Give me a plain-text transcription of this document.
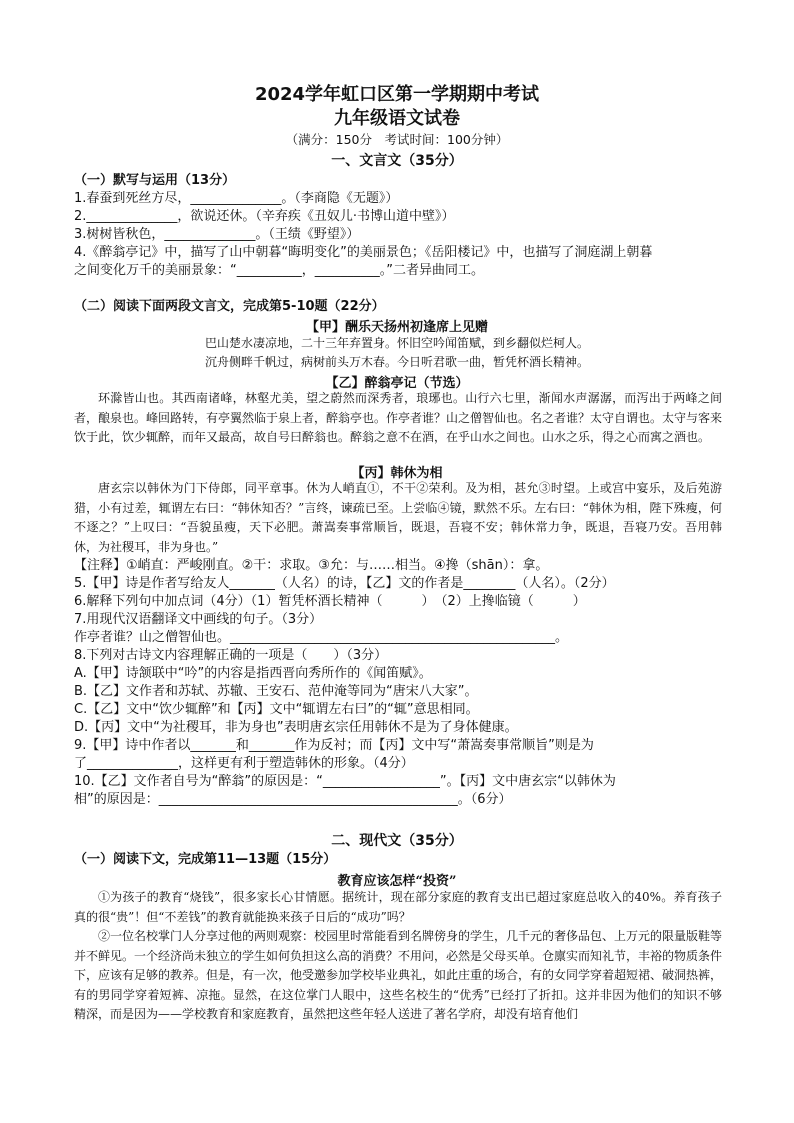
2024学年虹口区第一学期期中考试
九年级语文试卷
（满分：150分　考试时间：100分钟）
一、文言文（35分）
（一）默写与运用（13分）
1.春蚕到死丝方尽，______________。（李商隐《无题》）
2.______________，欲说还休。（辛弃疾《丑奴儿·书博山道中壁》）
3.树树皆秋色，______________。（王绩《野望》）
4.《醉翁亭记》中，描写了山中朝暮“晦明变化”的美丽景色；《岳阳楼记》中，也描写了洞庭湖上朝暮
之间变化万千的美丽景象：“__________，__________。”二者异曲同工。
（二）阅读下面两段文言文，完成第5-10题（22分）
【甲】酬乐天扬州初逢席上见赠
巴山楚水凄凉地，二十三年弃置身。怀旧空吟闻笛赋，到乡翻似烂柯人。
沉舟侧畔千帆过，病树前头万木春。今日听君歌一曲，暂凭杯酒长精神。
【乙】醉翁亭记（节选）
环滁皆山也。其西南诸峰，林壑尤美，望之蔚然而深秀者，琅琊也。山行六七里，渐闻水声潺潺，而泻出于两峰之间者，酿泉也。峰回路转，有亭翼然临于泉上者，醉翁亭也。作亭者谁？山之僧智仙也。名之者谁？太守自谓也。太守与客来饮于此，饮少辄醉，而年又最高，故自号曰醉翁也。醉翁之意不在酒，在乎山水之间也。山水之乐，得之心而寓之酒也。
【丙】韩休为相
唐玄宗以韩休为门下侍郎，同平章事。休为人峭直①，不干②荣利。及为相，甚允③时望。上或宫中宴乐，及后苑游猎，小有过差，辄谓左右曰：“韩休知否？”言终，谏疏已至。上尝临④镜，默然不乐。左右曰：“韩休为相，陛下殊瘦，何不逐之？”上叹曰：“吾貌虽瘦，天下必肥。萧嵩奏事常顺旨，既退，吾寝不安；韩休常力争，既退，吾寝乃安。吾用韩休，为社稷耳，非为身也。”
【注释】①峭直：严峻刚直。②干：求取。③允：与……相当。④搀（shān）：拿。
5.【甲】诗是作者写给友人_______（人名）的诗，【乙】文的作者是________（人名）。（2分）
6.解释下列句中加点词（4分）（1）暂凭杯酒长精神（　　　）　（2）上搀临镜（　　　）
7.用现代汉语翻译文中画线的句子。（3分）
作亭者谁？山之僧智仙也。__________________________________________________。
8.下列对古诗文内容理解正确的一项是（　　）（3分）
A.【甲】诗颔联中“吟”的内容是指西晋向秀所作的《闻笛赋》。
B.【乙】文作者和苏轼、苏辙、王安石、范仲淹等同为“唐宋八大家”。
C.【乙】文中“饮少辄醉”和【丙】文中“辄谓左右曰”的“辄”意思相同。
D.【丙】文中“为社稷耳，非为身也”表明唐玄宗任用韩休不是为了身体健康。
9.【甲】诗中作者以_______和_______作为反衬；而【丙】文中写“萧嵩奏事常顺旨”则是为
了______________，这样更有利于塑造韩休的形象。（4分）
10.【乙】文作者自号为“醉翁”的原因是：“__________________”。【丙】文中唐玄宗“以韩休为
相”的原因是：______________________________________________。（6分）
二、现代文（35分）
（一）阅读下文，完成第11—13题（15分）
教育应该怎样“投资”
①为孩子的教育“烧钱”，很多家长心甘情愿。据统计，现在部分家庭的教育支出已超过家庭总收入的40%。养育孩子真的很“贵”！但“不差钱”的教育就能换来孩子日后的“成功”吗？
②一位名校掌门人分享过他的两则观察：校园里时常能看到名牌傍身的学生，几千元的奢侈品包、上万元的限量版鞋等并不鲜见。一个经济尚未独立的学生如何负担这么高的消费？不用问，必然是父母买单。仓廪实而知礼节，丰裕的物质条件下，应该有足够的教养。但是，有一次，他受邀参加学校毕业典礼，如此庄重的场合，有的女同学穿着超短裙、破洞热裤，有的男同学穿着短裤、凉拖。显然，在这位掌门人眼中，这些名校生的“优秀”已经打了折扣。这并非因为他们的知识不够精深，而是因为——学校教育和家庭教育，虽然把这些年轻人送进了著名学府，却没有培育他们
